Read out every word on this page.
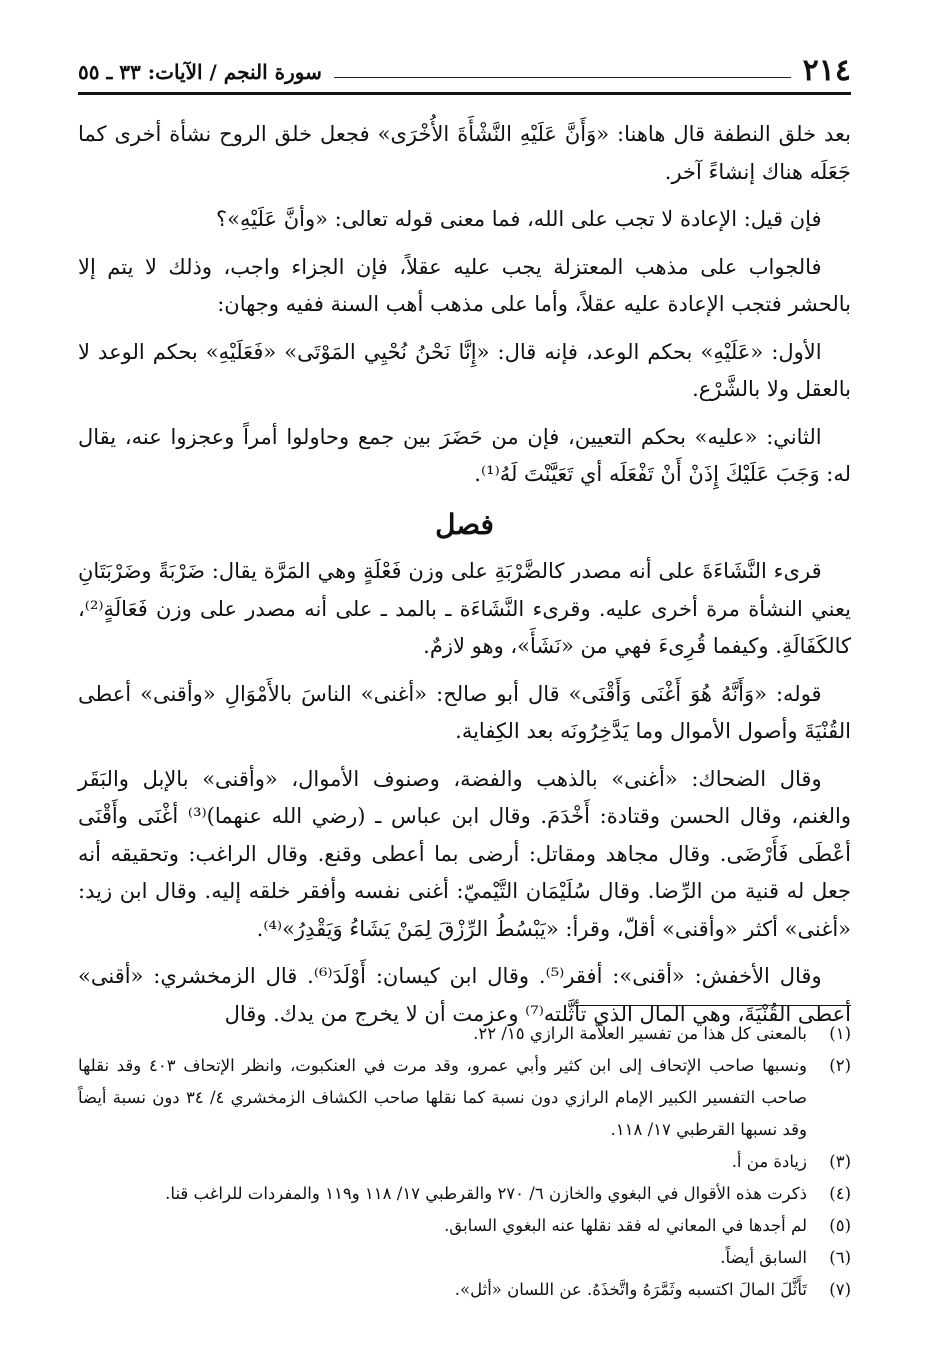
٢١٤
سورة النجم / الآيات: ٣٣ ـ ٥٥

بعد خلق النطفة قال هاهنا: «وَأَنَّ عَلَيْهِ النَّشْأَةَ الأُخْرَى» فجعل خلق الروح نشأة أخرى كما جَعَلَه هناك إنشاءً آخر.

فإن قيل: الإعادة لا تجب على الله، فما معنى قوله تعالى: «وأنَّ عَلَيْهِ»؟

فالجواب على مذهب المعتزلة يجب عليه عقلاً، فإن الجزاء واجب، وذلك لا يتم إلا بالحشر فتجب الإعادة عليه عقلاً، وأما على مذهب أهب السنة ففيه وجهان:

الأول: «عَلَيْهِ» بحكم الوعد، فإنه قال: «إِنَّا نَحْنُ نُحْيِي المَوْتَى» «فَعَلَيْهِ» بحكم الوعد لا بالعقل ولا بالشَّرْع.

الثاني: «عليه» بحكم التعيين، فإن من حَضَرَ بين جمع وحاولوا أمراً وعجزوا عنه، يقال له: وَجَبَ عَلَيْكَ إِذَنْ أَنْ تَفْعَلَه أي تَعَيَّنْتَ لَهُ⁽¹⁾.

فصل

قرىء النَّشَاءَةَ على أنه مصدر كالضَّرْبَةِ على وزن فَعْلَةٍ وهي المَرَّة يقال: ضَرْبَةً وضَرْبَتَانِ يعني النشأة مرة أخرى عليه. وقرىء النَّشَاءَة ـ بالمد ـ على أنه مصدر على وزن فَعَالَةٍ⁽²⁾، كالكَفَالَةِ. وكيفما قُرِىءَ فهي من «نَشَأَ»، وهو لازمٌ.

قوله: «وَأَنَّهُ هُوَ أَغْنَى وَأَقْنَى» قال أبو صالح: «أغنى» الناسَ بالأَمْوَالِ «وأقنى» أعطى القُنْيَةَ وأصول الأموال وما يَدَّخِرُونَه بعد الكِفاية.

وقال الضحاك: «أغنى» بالذهب والفضة، وصنوف الأموال، «وأقنى» بالإبل والبَقَر والغنم، وقال الحسن وقتادة: أَخْدَمَ. وقال ابن عباس ـ (رضي الله عنهما)⁽³⁾ أغْنَى وأَقْنَى أعْطَى فَأَرْضَى. وقال مجاهد ومقاتل: أرضى بما أعطى وقنع. وقال الراغب: وتحقيقه أنه جعل له قنية من الرِّضا. وقال سُلَيْمَان التَّيْميّ: أغنى نفسه وأفقر خلقه إليه. وقال ابن زيد: «أغنى» أكثر «وأقنى» أقلّ، وقرأ: «يَبْسُطُ الرِّزْقَ لِمَنْ يَشَاءُ وَيَقْدِرُ»⁽⁴⁾.

وقال الأخفش: «أقنى»: أفقر⁽⁵⁾. وقال ابن كيسان: أَوْلَدَ⁽⁶⁾. قال الزمخشري: «أقنى» أعطى القُنْيَةَ، وهي المال الذي تأثَّلته⁽⁷⁾ وعزمت أن لا يخرج من يدك. وقال

(١)
بالمعنى كل هذا من تفسير العلاّمة الرازي ١٥/ ٢٢.
(٢)
ونسبها صاحب الإتحاف إلى ابن كثير وأبي عمرو، وقد مرت في العنكبوت، وانظر الإتحاف ٤٠٣ وقد نقلها صاحب التفسير الكبير الإمام الرازي دون نسبة كما نقلها صاحب الكشاف الزمخشري ٤/ ٣٤ دون نسبة أيضاً وقد نسبها القرطبي ١٧/ ١١٨.
(٣)
زيادة من أ.
(٤)
ذكرت هذه الأقوال في البغوي والخازن ٦/ ٢٧٠ والقرطبي ١٧/ ١١٨ و١١٩ والمفردات للراغب قنا.
(٥)
لم أجدها في المعاني له فقد نقلها عنه البغوي السابق.
(٦)
السابق أيضاً.
(٧)
تَأَثَّلَ المالَ اكتسبه وثَمَّرَهُ واتَّخذَهُ. عن اللسان «أثل».
